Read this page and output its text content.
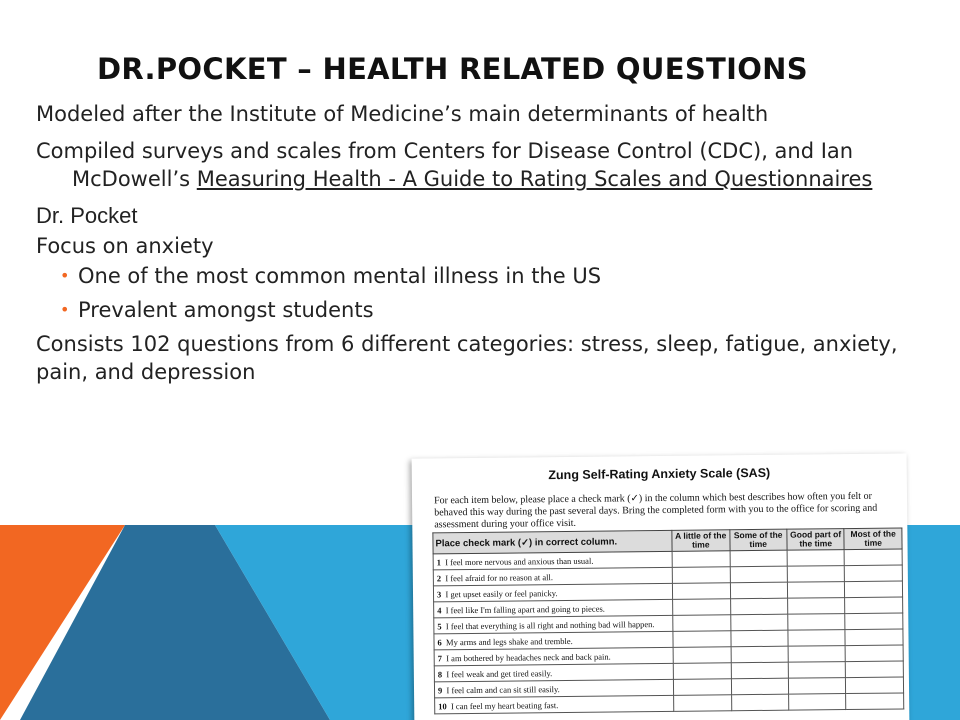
DR.POCKET – HEALTH RELATED QUESTIONS

Modeled after the Institute of Medicine’s main determinants of health

Compiled surveys and scales from Centers for Disease Control (CDC), and Ian McDowell’s Measuring Health - A Guide to Rating Scales and Questionnaires

Dr. Pocket

Focus on anxiety

• One of the most common mental illness in the US
• Prevalent amongst students

Consists 102 questions from 6 different categories: stress, sleep, fatigue, anxiety, pain, and depression

Zung Self-Rating Anxiety Scale (SAS)
For each item below, please place a check mark (✓) in the column which best describes how often you felt or behaved this way during the past several days. Bring the completed form with you to the office for scoring and assessment during your office visit.
Place check mark (✓) in correct column.	A little of the time	Some of the time	Good part of the time	Most of the time
1 I feel more nervous and anxious than usual.				
2 I feel afraid for no reason at all.				
3 I get upset easily or feel panicky.				
4 I feel like I'm falling apart and going to pieces.				
5 I feel that everything is all right and nothing bad will happen.				
6 My arms and legs shake and tremble.				
7 I am bothered by headaches neck and back pain.				
8 I feel weak and get tired easily.				
9 I feel calm and can sit still easily.				
10 I can feel my heart beating fast.				
